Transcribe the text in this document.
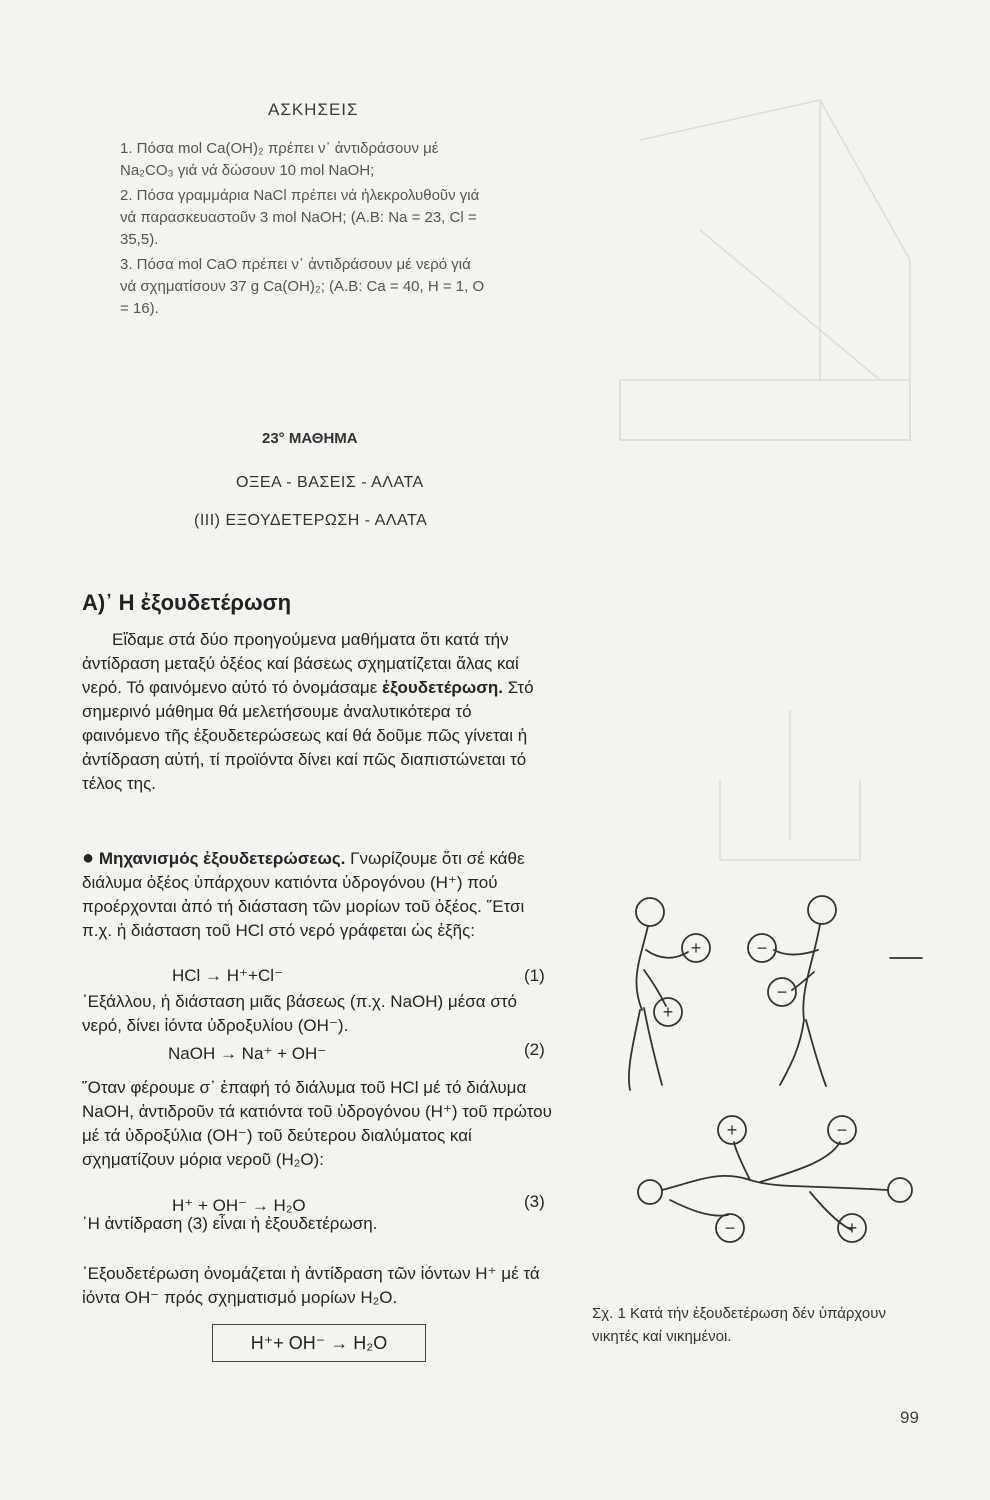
ΑΣΚΗΣΕΙΣ

1. Πόσα mol Ca(OH)₂ πρέπει ν᾿ ἀντιδράσουν μέ Na₂CO₃ γιά νά δώσουν 10 mol NaOH;

2. Πόσα γραμμάρια NaCl πρέπει νά ἠλεκρολυθοῦν γιά νά παρασκευαστοῦν 3 mol NaOH; (Α.Β: Na = 23, Cl = 35,5).

3. Πόσα mol CaO πρέπει ν᾿ ἀντιδράσουν μέ νερό γιά νά σχηματίσουν 37 g Ca(OH)₂; (Α.Β: Ca = 40, H = 1, O = 16).

23° ΜΑΘΗΜΑ
ΟΞΕΑ - ΒΑΣΕΙΣ - ΑΛΑΤΑ
(III) ΕΞΟΥΔΕΤΕΡΩΣΗ - ΑΛΑΤΑ
Α)᾿ Η ἐξουδετέρωση
Εἴδαμε στά δύο προηγούμενα μαθήματα ὅτι κατά τήν ἀντίδραση μεταξύ ὀξέος καί βάσεως σχηματίζεται ἅλας καί νερό. Τό φαινόμενο αὐτό τό ὀνομάσαμε ἐξουδετέρωση. Στό σημερινό μάθημα θά μελετήσουμε ἀναλυτικότερα τό φαινόμενο τῆς ἐξουδετερώσεως καί θά δοῦμε πῶς γίνεται ἡ ἀντίδραση αὐτή, τί προϊόντα δίνει καί πῶς διαπιστώνεται τό τέλος της.
● Μηχανισμός ἐξουδετερώσεως. Γνωρίζουμε ὅτι σέ κάθε διάλυμα ὀξέος ὑπάρχουν κατιόντα ὑδρογόνου (H⁺) πού προέρχονται ἀπό τή διάσταση τῶν μορίων τοῦ ὀξέος. ῞Ετσι π.χ. ἡ διάσταση τοῦ HCl στό νερό γράφεται ὡς ἑξῆς:
HCl → H⁺+Cl⁻	(1)
᾿Εξάλλου, ἡ διάσταση μιᾶς βάσεως (π.χ. NaOH) μέσα στό νερό, δίνει ἰόντα ὑδροξυλίου (OH⁻).
NaOH → Na⁺ + OH⁻	(2)
῞Οταν φέρουμε σ᾿ ἐπαφή τό διάλυμα τοῦ HCl μέ τό διάλυμα NaOH, ἀντιδροῦν τά κατιόντα τοῦ ὑδρογόνου (H⁺) τοῦ πρώτου μέ τά ὑδροξύλια (OH⁻) τοῦ δεύτερου διαλύματος καί σχηματίζουν μόρια νεροῦ (H₂O):
H⁺ + OH⁻ → H₂O	(3)
῾Η ἀντίδραση (3) εἶναι ἡ ἐξουδετέρωση.
᾿Εξουδετέρωση ὀνομάζεται ἡ ἀντίδραση τῶν ἰόντων H⁺ μέ τά ἰόντα OH⁻ πρός σχηματισμό μορίων H₂O.
H⁺+ OH⁻ → H₂O
+
+
−
−
+	−
−	+
Σχ. 1 Κατά τήν ἐξουδετέρωση δέν ὑπάρχουν νικητές καί νικημένοι.
99
